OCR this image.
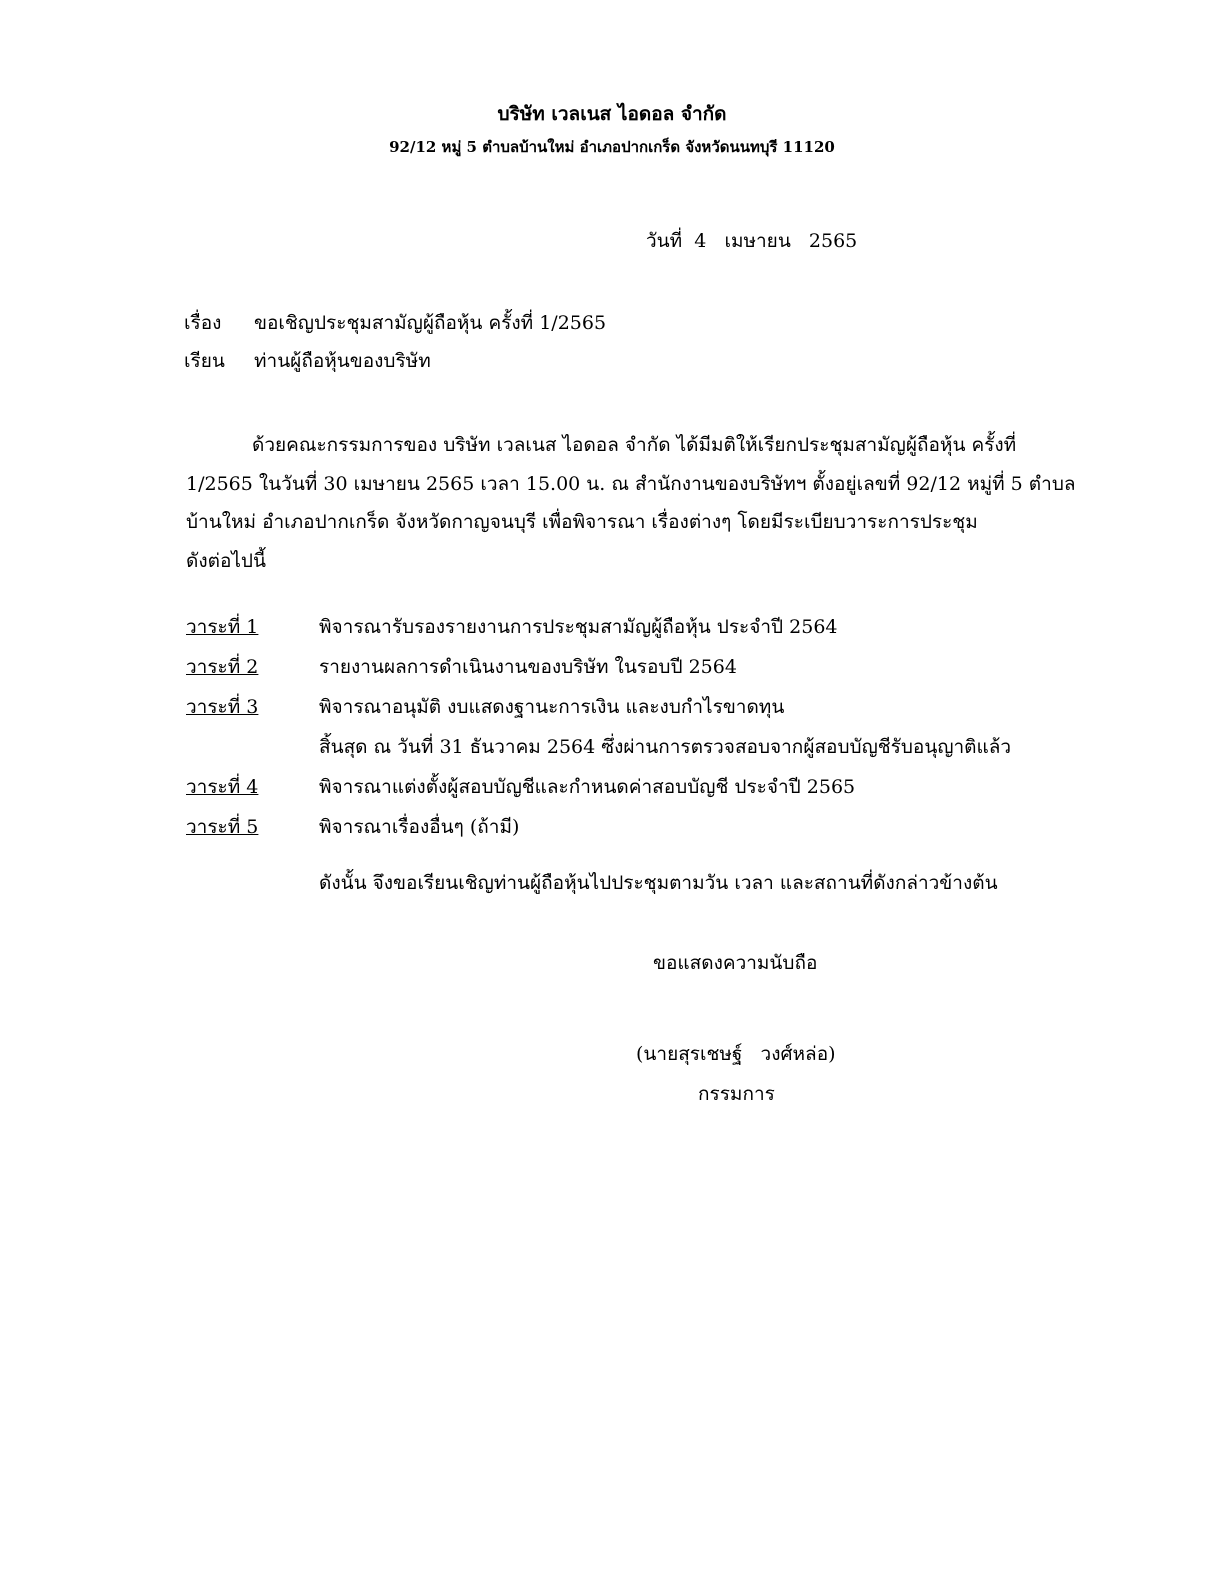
บริษัท เวลเนส ไอดอล จำกัด
92/12 หมู่ 5 ตำบลบ้านใหม่ อำเภอปากเกร็ด จังหวัดนนทบุรี 11120
วันที่  4   เมษายน   2565
เรื่อง ขอเชิญประชุมสามัญผู้ถือหุ้น ครั้งที่ 1/2565
เรียน ท่านผู้ถือหุ้นของบริษัท
ด้วยคณะกรรมการของ บริษัท เวลเนส ไอดอล จำกัด ได้มีมติให้เรียกประชุมสามัญผู้ถือหุ้น ครั้งที่
1/2565 ในวันที่ 30 เมษายน 2565 เวลา 15.00 น. ณ สำนักงานของบริษัทฯ ตั้งอยู่เลขที่ 92/12 หมู่ที่ 5 ตำบล
บ้านใหม่ อำเภอปากเกร็ด จังหวัดกาญจนบุรี เพื่อพิจารณา เรื่องต่างๆ โดยมีระเบียบวาระการประชุม
ดังต่อไปนี้
วาระที่ 1	พิจารณารับรองรายงานการประชุมสามัญผู้ถือหุ้น ประจำปี 2564
วาระที่ 2	รายงานผลการดำเนินงานของบริษัท ในรอบปี 2564
วาระที่ 3	พิจารณาอนุมัติ งบแสดงฐานะการเงิน และงบกำไรขาดทุน
สิ้นสุด ณ วันที่ 31 ธันวาคม 2564 ซึ่งผ่านการตรวจสอบจากผู้สอบบัญชีรับอนุญาติแล้ว
วาระที่ 4	พิจารณาแต่งตั้งผู้สอบบัญชีและกำหนดค่าสอบบัญชี ประจำปี 2565
วาระที่ 5	พิจารณาเรื่องอื่นๆ (ถ้ามี)
ดังนั้น จึงขอเรียนเชิญท่านผู้ถือหุ้นไปประชุมตามวัน เวลา และสถานที่ดังกล่าวข้างต้น
ขอแสดงความนับถือ
(นายสุรเชษฐ์   วงศ์หล่อ)
กรรมการ
